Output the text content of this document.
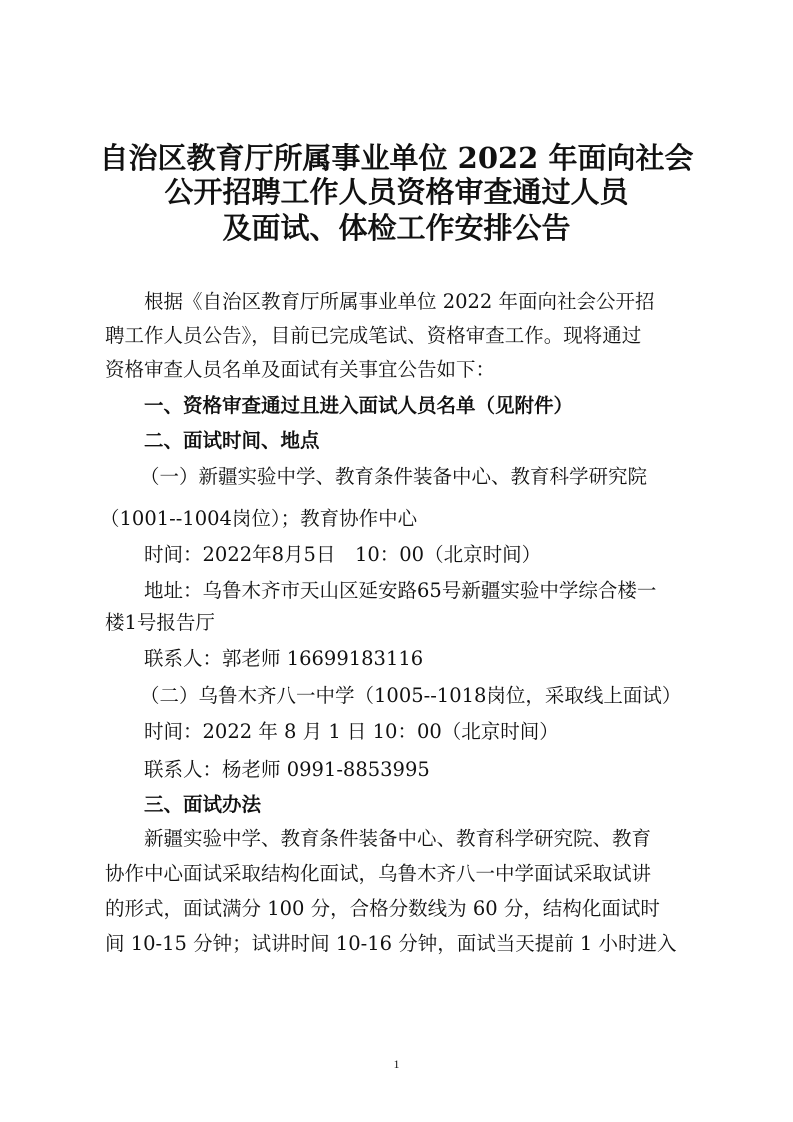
自治区教育厅所属事业单位 2022 年面向社会
公开招聘工作人员资格审查通过人员
及面试、体检工作安排公告
根据《自治区教育厅所属事业单位 2022 年面向社会公开招
聘工作人员公告》，目前已完成笔试、资格审查工作。现将通过
资格审查人员名单及面试有关事宜公告如下：
一、资格审查通过且进入面试人员名单（见附件）
二、面试时间、地点
（一）新疆实验中学、教育条件装备中心、教育科学研究院
（1001--1004岗位）；教育协作中心
时间：2022年8月5日　10：00（北京时间）
地址：乌鲁木齐市天山区延安路65号新疆实验中学综合楼一
楼1号报告厅
联系人：郭老师 16699183116
（二）乌鲁木齐八一中学（1005--1018岗位，采取线上面试）
时间：2022 年 8 月 1 日 10：00（北京时间）
联系人：杨老师 0991-8853995
三、面试办法
新疆实验中学、教育条件装备中心、教育科学研究院、教育
协作中心面试采取结构化面试，乌鲁木齐八一中学面试采取试讲
的形式，面试满分 100 分，合格分数线为 60 分，结构化面试时
间 10-15 分钟；试讲时间 10-16 分钟，面试当天提前 1 小时进入
1
